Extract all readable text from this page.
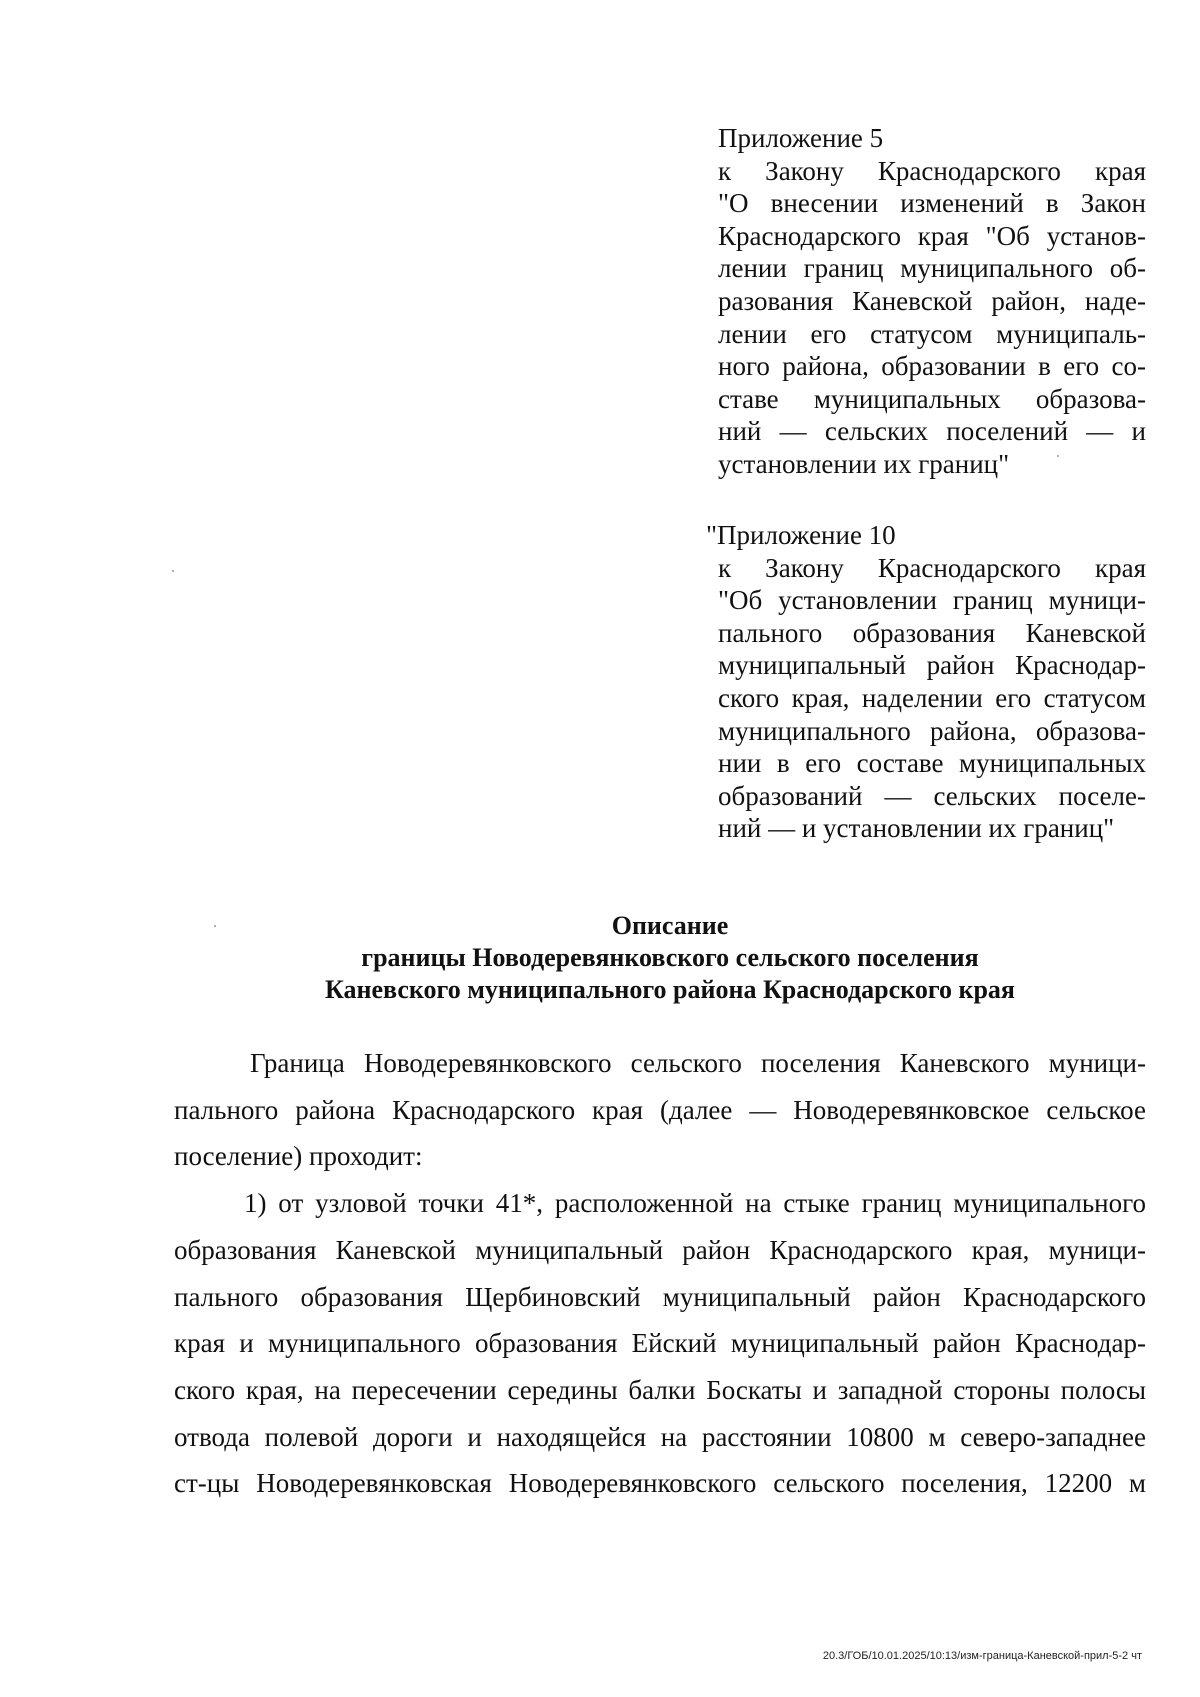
Приложение 5
к Закону Краснодарского края
"О внесении изменений в Закон
Краснодарского края "Об установ-
лении границ муниципального об-
разования Каневской район, наде-
лении его статусом муниципаль-
ного района, образовании в его со-
ставе муниципальных образова-
ний — сельских поселений — и
установлении их границ"
"Приложение 10
к Закону Краснодарского края
"Об установлении границ муници-
пального образования Каневской
муниципальный район Краснодар-
ского края, наделении его статусом
муниципального района, образова-
нии в его составе муниципальных
образований — сельских поселе-
ний — и установлении их границ"
Описание
границы Новодеревянковского сельского поселения
Каневского муниципального района Краснодарского края
Граница Новодеревянковского сельского поселения Каневского муници-
пального района Краснодарского края (далее — Новодеревянковское сельское
поселение) проходит:
1) от узловой точки 41*, расположенной на стыке границ муниципального
образования Каневской муниципальный район Краснодарского края, муници-
пального образования Щербиновский муниципальный район Краснодарского
края и муниципального образования Ейский муниципальный район Краснодар-
ского края, на пересечении середины балки Боскаты и западной стороны полосы
отвода полевой дороги и находящейся на расстоянии 10800 м северо-западнее
ст-цы Новодеревянковская Новодеревянковского сельского поселения, 12200 м
20.3/ГОБ/10.01.2025/10:13/изм-граница-Каневской-прил-5-2 чт
